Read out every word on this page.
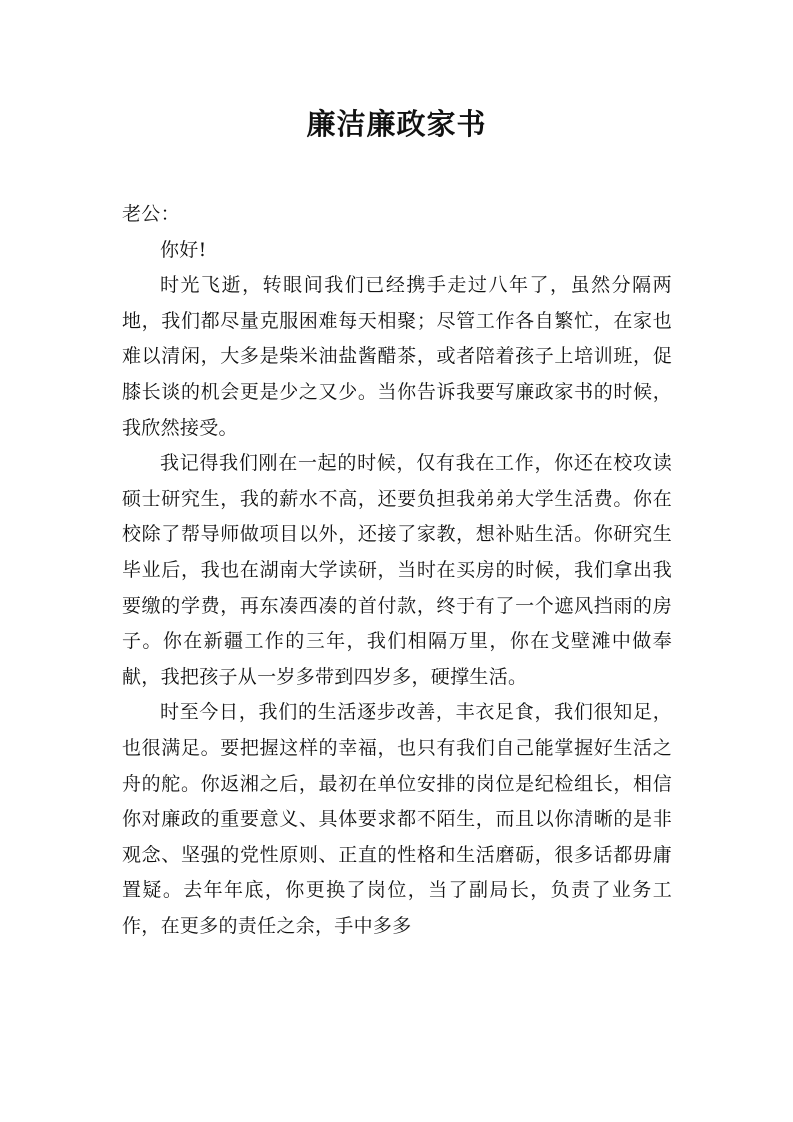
廉洁廉政家书

老公：

你好!

时光飞逝，转眼间我们已经携手走过八年了，虽然分隔两地，我们都尽量克服困难每天相聚；尽管工作各自繁忙，在家也难以清闲，大多是柴米油盐酱醋茶，或者陪着孩子上培训班，促膝长谈的机会更是少之又少。当你告诉我要写廉政家书的时候，我欣然接受。

我记得我们刚在一起的时候，仅有我在工作，你还在校攻读硕士研究生，我的薪水不高，还要负担我弟弟大学生活费。你在校除了帮导师做项目以外，还接了家教，想补贴生活。你研究生毕业后，我也在湖南大学读研，当时在买房的时候，我们拿出我要缴的学费，再东凑西凑的首付款，终于有了一个遮风挡雨的房子。你在新疆工作的三年，我们相隔万里，你在戈壁滩中做奉献，我把孩子从一岁多带到四岁多，硬撑生活。

时至今日，我们的生活逐步改善，丰衣足食，我们很知足，也很满足。要把握这样的幸福，也只有我们自己能掌握好生活之舟的舵。你返湘之后，最初在单位安排的岗位是纪检组长，相信你对廉政的重要意义、具体要求都不陌生，而且以你清晰的是非观念、坚强的党性原则、正直的性格和生活磨砺，很多话都毋庸置疑。去年年底，你更换了岗位，当了副局长，负责了业务工作，在更多的责任之余，手中多多
